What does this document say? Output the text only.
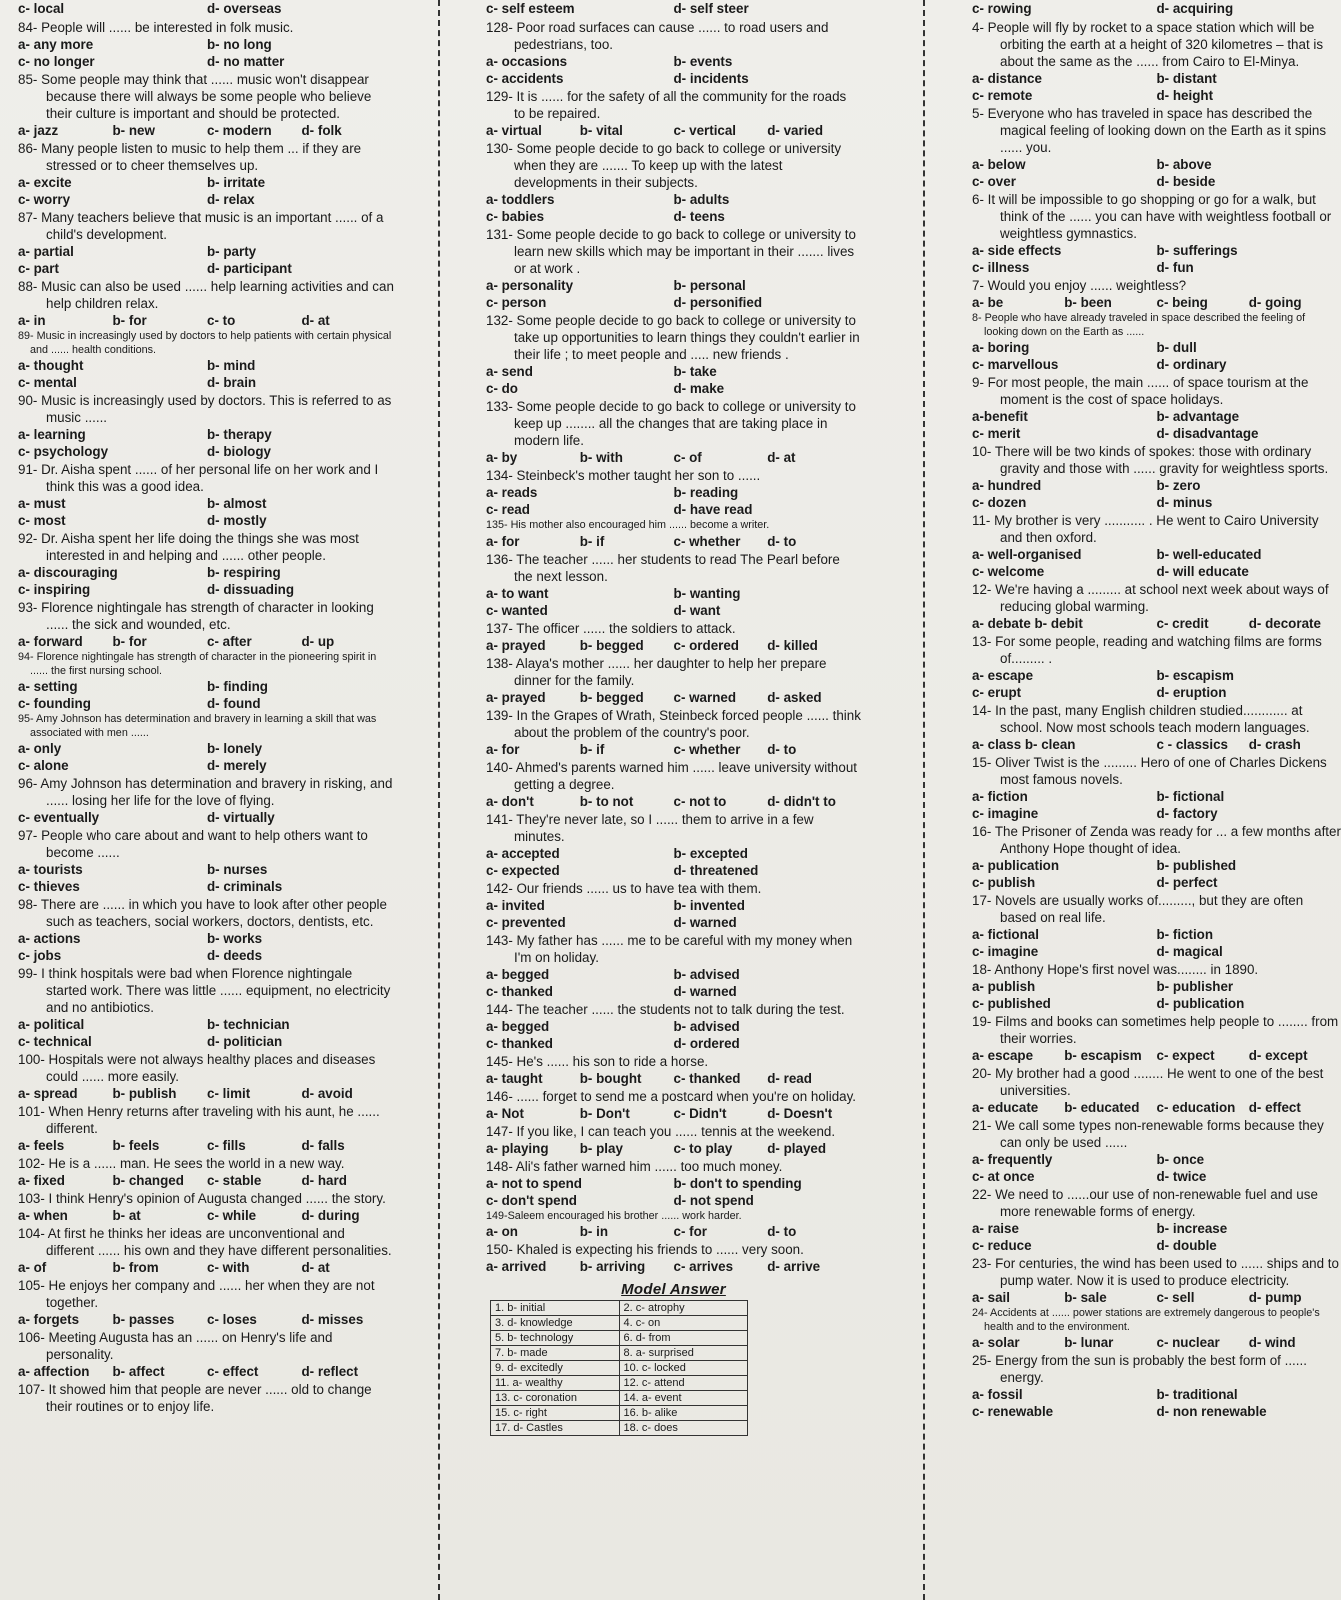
c- local	d- overseas

84- People will ...... be interested in folk music.

a- any more	b- no long
c- no longer	d- no matter

85- Some people may think that ...... music won't disappear because there will always be some people who believe their culture is important and should be protected.

a- jazz	b- new	c- modern	d- folk

86- Many people listen to music to help them ... if they are stressed or to cheer themselves up.

a- excite	b- irritate
c- worry	d- relax

87- Many teachers believe that music is an important ...... of a child's development.

a- partial	b- party
c- part	d- participant

88- Music can also be used ...... help learning activities and can help children relax.

a- in	b- for	c- to	d- at

89- Music in increasingly used by doctors to help patients with certain physical and ...... health conditions.

a- thought	b- mind
c- mental	d- brain

90- Music is increasingly used by doctors. This is referred to as music ......

a- learning	b- therapy
c- psychology	d- biology

91- Dr. Aisha spent ...... of her personal life on her work and I think this was a good idea.

a- must	b- almost
c- most	d- mostly

92- Dr. Aisha spent her life doing the things she was most interested in and helping and ...... other people.

a- discouraging	b- respiring
c- inspiring	d- dissuading

93- Florence nightingale has strength of character in looking ...... the sick and wounded, etc.

a- forward	b- for	c- after	d- up

94- Florence nightingale has strength of character in the pioneering spirit in ...... the first nursing school.

a- setting	b- finding
c- founding	d- found

95- Amy Johnson has determination and bravery in learning a skill that was associated with men ......

a- only	b- lonely
c- alone	d- merely

96- Amy Johnson has determination and bravery in risking, and ...... losing her life for the love of flying.

c- eventually	d- virtually

97- People who care about and want to help others want to become ......

a- tourists	b- nurses
c- thieves	d- criminals

98- There are ...... in which you have to look after other people such as teachers, social workers, doctors, dentists, etc.

a- actions	b- works
c- jobs	d- deeds

99- I think hospitals were bad when Florence nightingale started work. There was little ...... equipment, no electricity and no antibiotics.

a- political	b- technician
c- technical	d- politician

100- Hospitals were not always healthy places and diseases could ...... more easily.

a- spread	b- publish	c- limit	d- avoid

101- When Henry returns after traveling with his aunt, he ...... different.

a- feels	b- feels	c- fills	d- falls

102- He is a ...... man. He sees the world in a new way.

a- fixed	b- changed	c- stable	d- hard

103- I think Henry's opinion of Augusta changed ...... the story.

a- when	b- at	c- while	d- during

104- At first he thinks her ideas are unconventional and different ...... his own and they have different personalities.

a- of	b- from	c- with	d- at

105- He enjoys her company and ...... her when they are not together.

a- forgets	b- passes	c- loses	d- misses

106- Meeting Augusta has an ...... on Henry's life and personality.

a- affection	b- affect	c- effect	d- reflect

107- It showed him that people are never ...... old to change their routines or to enjoy life.

c- self esteem	d- self steer

128- Poor road surfaces can cause ...... to road users and pedestrians, too.

a- occasions	b- events
c- accidents	d- incidents

129- It is ...... for the safety of all the community for the roads to be repaired.

a- virtual	b- vital	c- vertical	d- varied

130- Some people decide to go back to college or university when they are ....... To keep up with the latest developments in their subjects.

a- toddlers	b- adults
c- babies	d- teens

131- Some people decide to go back to college or university to learn new skills which may be important in their ....... lives or at work .

a- personality	b- personal
c- person	d- personified

132- Some people decide to go back to college or university to take up opportunities to learn things they couldn't earlier in their life ; to meet people and ..... new friends .

a- send	b- take
c- do	d- make

133- Some people decide to go back to college or university to keep up ........ all the changes that are taking place in modern life.

a- by	b- with	c- of	d- at

134- Steinbeck's mother taught her son to ......

a- reads	b- reading
c- read	d- have read

135- His mother also encouraged him ...... become a writer.

a- for	b- if	c- whether	d- to

136- The teacher ...... her students to read The Pearl before the next lesson.

a- to want	b- wanting
c- wanted	d- want

137- The officer ...... the soldiers to attack.

a- prayed	b- begged	c- ordered	d- killed

138- Alaya's mother ...... her daughter to help her prepare dinner for the family.

a- prayed	b- begged	c- warned	d- asked

139- In the Grapes of Wrath, Steinbeck forced people ...... think about the problem of the country's poor.

a- for	b- if	c- whether	d- to

140- Ahmed's parents warned him ...... leave university without getting a degree.

a- don't	b- to not	c- not to	d- didn't to

141- They're never late, so I ...... them to arrive in a few minutes.

a- accepted	b- excepted
c- expected	d- threatened

142- Our friends ...... us to have tea with them.

a- invited	b- invented
c- prevented	d- warned

143- My father has ...... me to be careful with my money when I'm on holiday.

a- begged	b- advised
c- thanked	d- warned

144- The teacher ...... the students not to talk during the test.

a- begged	b- advised
c- thanked	d- ordered

145- He's ...... his son to ride a horse.

a- taught	b- bought	c- thanked	d- read

146- ...... forget to send me a postcard when you're on holiday.

a- Not	b- Don't	c- Didn't	d- Doesn't

147- If you like, I can teach you ...... tennis at the weekend.

a- playing	b- play	c- to play	d- played

148- Ali's father warned him ...... too much money.

a- not to spend	b- don't to spending
c- don't spend	d- not spend

149-Saleem encouraged his brother ...... work harder.

a- on	b- in	c- for	d- to

150- Khaled is expecting his friends to ...... very soon.

a- arrived	b- arriving	c- arrives	d- arrive
Model Answer
1. b- initial	2. c- atrophy
3. d- knowledge	4. c- on
5. b- technology	6. d- from
7. b- made	8. a- surprised
9. d- excitedly	10. c- locked
11. a- wealthy	12. c- attend
13. c- coronation	14. a- event
15. c- right	16. b- alike
17. d- Castles	18. c- does

c- rowing	d- acquiring

4- People will fly by rocket to a space station which will be orbiting the earth at a height of 320 kilometres – that is about the same as the ...... from Cairo to El-Minya.

a- distance	b- distant
c- remote	d- height

5- Everyone who has traveled in space has described the magical feeling of looking down on the Earth as it spins ...... you.

a- below	b- above
c- over	d- beside

6- It will be impossible to go shopping or go for a walk, but think of the ...... you can have with weightless football or weightless gymnastics.

a- side effects	b- sufferings
c- illness	d- fun

7- Would you enjoy ...... weightless?

a- be	b- been	c- being	d- going

8- People who have already traveled in space described the feeling of looking down on the Earth as ......

a- boring	b- dull
c- marvellous	d- ordinary

9- For most people, the main ...... of space tourism at the moment is the cost of space holidays.

a-benefit	b- advantage
c- merit	d- disadvantage

10- There will be two kinds of spokes: those with ordinary gravity and those with ...... gravity for weightless sports.

a- hundred	b- zero
c- dozen	d- minus

11- My brother is very ........... . He went to Cairo University and then oxford.

a- well-organised	b- well-educated
c- welcome	d- will educate

12- We're having a ......... at school next week about ways of reducing global warming.

a- debate b- debit	c- credit	d- decorate

13- For some people, reading and watching films are forms of......... .

a- escape	b- escapism
c- erupt	d- eruption

14- In the past, many English children studied............ at school. Now most schools teach modern languages.

a- class b- clean	c - classics	d- crash

15- Oliver Twist is the ......... Hero of one of Charles Dickens most famous novels.

a- fiction	b- fictional
c- imagine	d- factory

16- The Prisoner of Zenda was ready for ... a few months after Anthony Hope thought of idea.

a- publication	b- published
c- publish	d- perfect

17- Novels are usually works of........., but they are often based on real life.

a- fictional	b- fiction
c- imagine	d- magical

18- Anthony Hope's first novel was........ in 1890.

a- publish	b- publisher
c- published	d- publication

19- Films and books can sometimes help people to ........ from their worries.

a- escape	b- escapism	c- expect	d- except

20- My brother had a good ........ He went to one of the best universities.

a- educate	b- educated	c- education d- effect

21- We call some types non-renewable forms because they can only be used ......

a- frequently	b- once
c- at once	d- twice

22- We need to ......our use of non-renewable fuel and use more renewable forms of energy.

a- raise	b- increase
c- reduce	d- double

23- For centuries, the wind has been used to ...... ships and to pump water. Now it is used to produce electricity.

a- sail	b- sale	c- sell	d- pump

24- Accidents at ...... power stations are extremely dangerous to people's health and to the environment.

a- solar	b- lunar	c- nuclear	d- wind

25- Energy from the sun is probably the best form of ...... energy.

a- fossil	b- traditional
c- renewable	d- non renewable
